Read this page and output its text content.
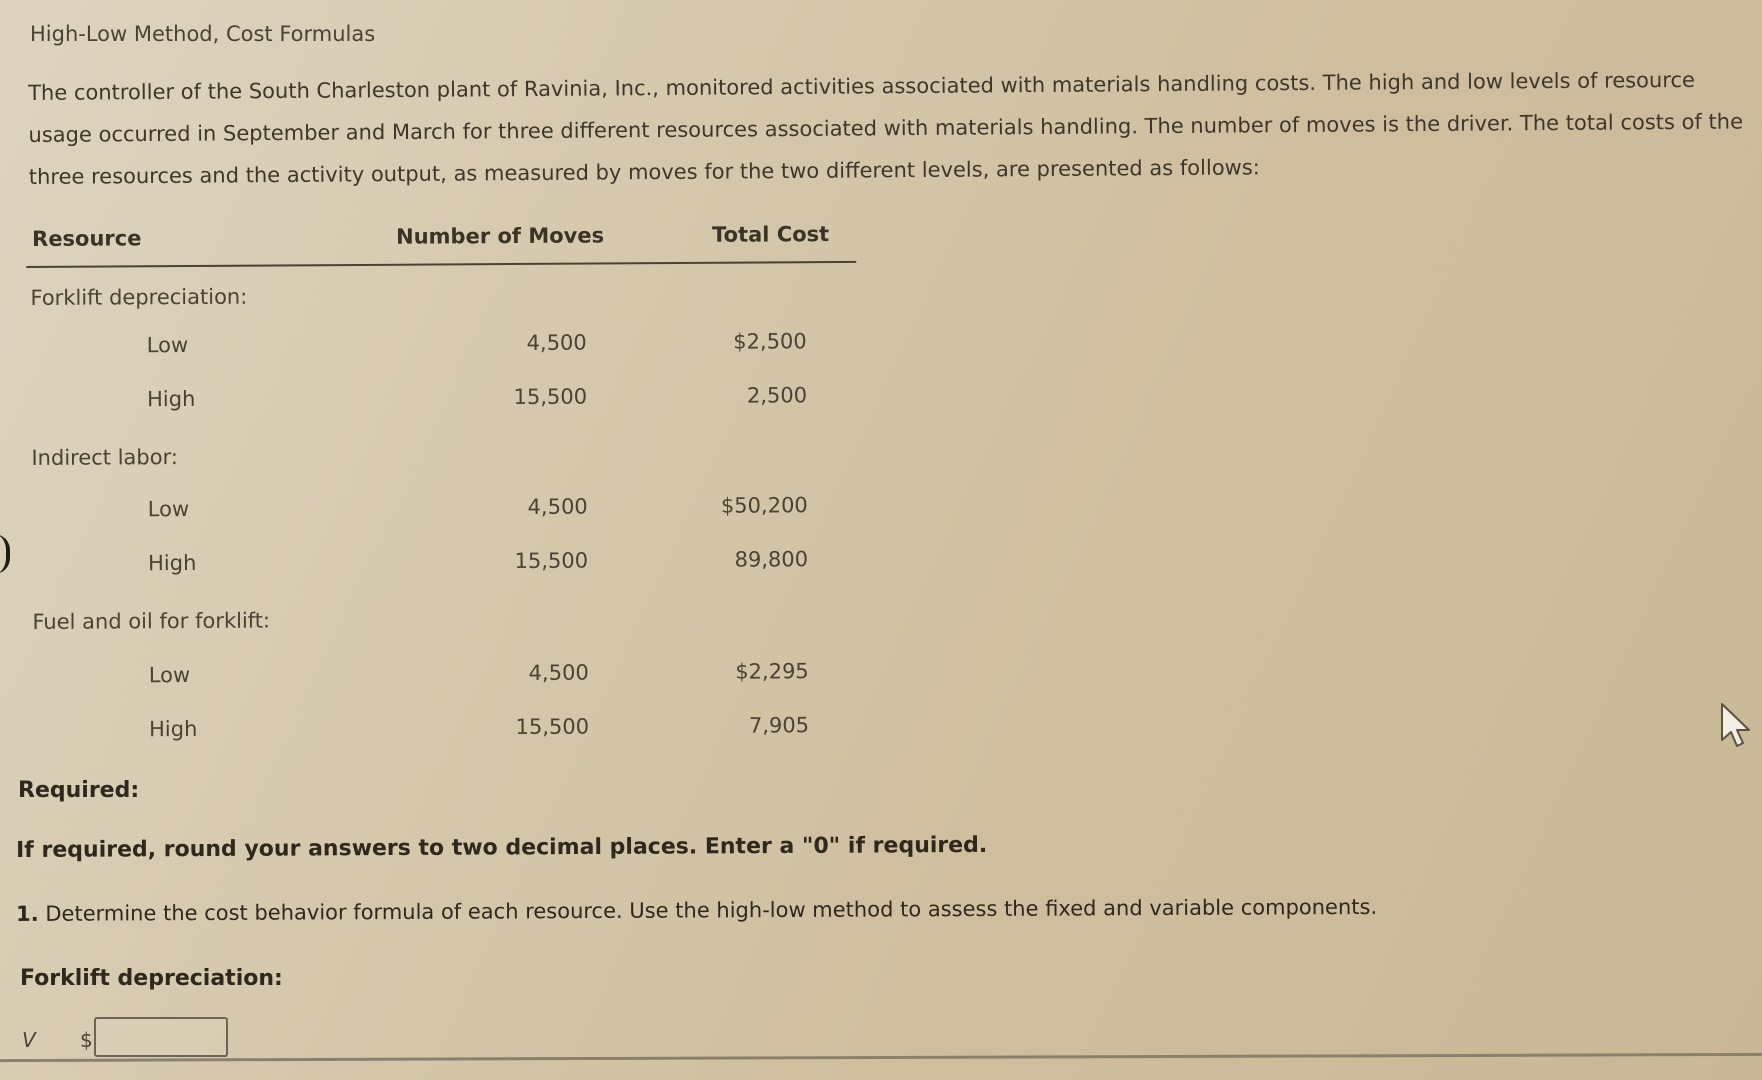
High-Low Method, Cost Formulas

The controller of the South Charleston plant of Ravinia, Inc., monitored activities associated with materials handling costs. The high and low levels of resource usage occurred in September and March for three different resources associated with materials handling. The number of moves is the driver. The total costs of the three resources and the activity output, as measured by moves for the two different levels, are presented as follows:

Resource	Number of Moves	Total Cost
Forklift depreciation:
Low	4,500	$2,500
High	15,500	2,500
Indirect labor:
Low	4,500	$50,200
High	15,500	89,800
Fuel and oil for forklift:
Low	4,500	$2,295
High	15,500	7,905
Required:
If required, round your answers to two decimal places. Enter a "0" if required.
1. Determine the cost behavior formula of each resource. Use the high-low method to assess the fixed and variable components.
Forklift depreciation:
V $
